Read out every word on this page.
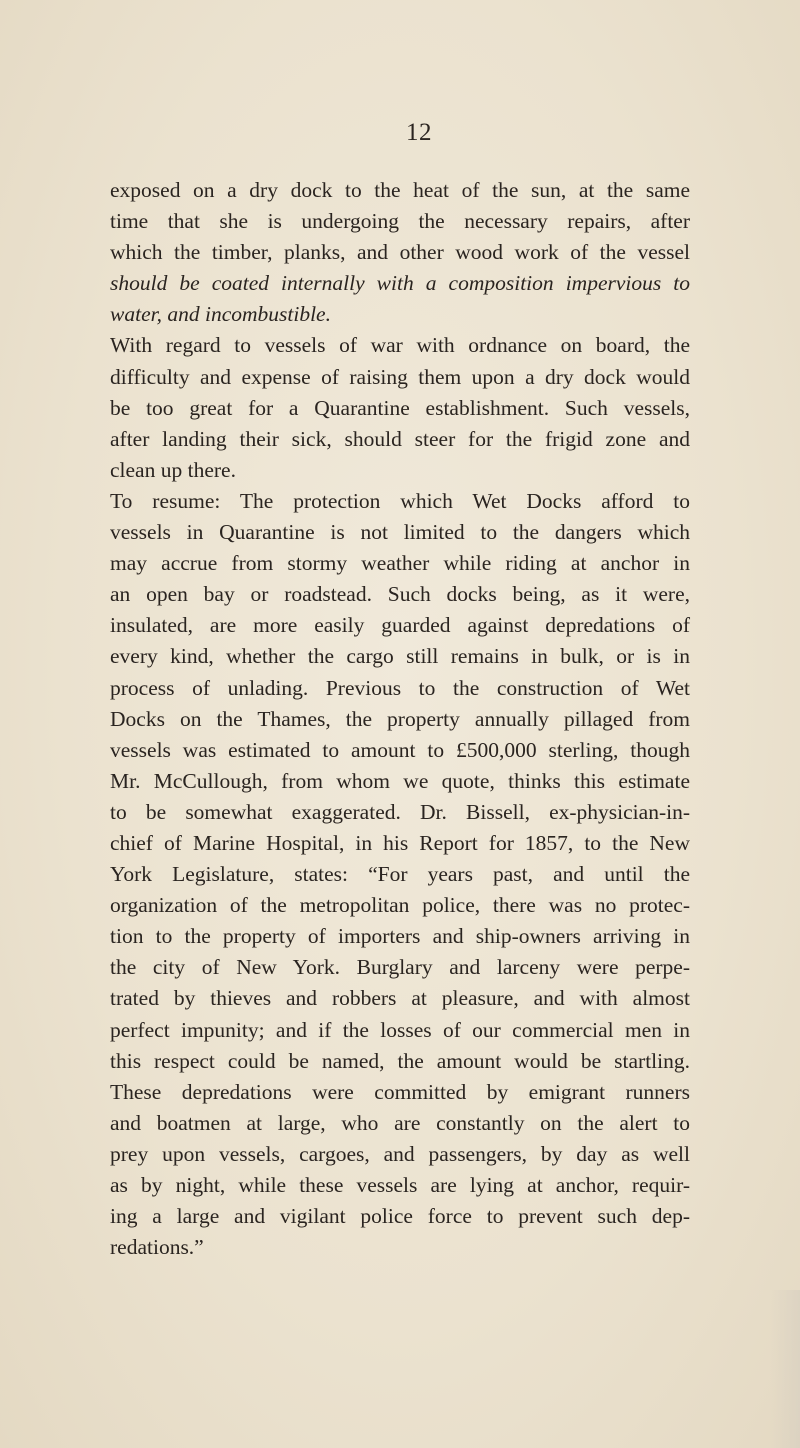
12
exposed on a dry dock to the heat of the sun, at the same
time that she is undergoing the necessary repairs, after
which the timber, planks, and other wood work of the vessel
should be coated internally with a composition impervious to
water, and incombustible.
With regard to vessels of war with ordnance on board, the
difficulty and expense of raising them upon a dry dock would
be too great for a Quarantine establishment. Such vessels,
after landing their sick, should steer for the frigid zone and
clean up there.
To resume: The protection which Wet Docks afford to
vessels in Quarantine is not limited to the dangers which
may accrue from stormy weather while riding at anchor in
an open bay or roadstead. Such docks being, as it were,
insulated, are more easily guarded against depredations of
every kind, whether the cargo still remains in bulk, or is in
process of unlading. Previous to the construction of Wet
Docks on the Thames, the property annually pillaged from
vessels was estimated to amount to £500,000 sterling, though
Mr. McCullough, from whom we quote, thinks this estimate
to be somewhat exaggerated. Dr. Bissell, ex-physician-in-
chief of Marine Hospital, in his Report for 1857, to the New
York Legislature, states: “For years past, and until the
organization of the metropolitan police, there was no protec-
tion to the property of importers and ship-owners arriving in
the city of New York. Burglary and larceny were perpe-
trated by thieves and robbers at pleasure, and with almost
perfect impunity; and if the losses of our commercial men in
this respect could be named, the amount would be startling.
These depredations were committed by emigrant runners
and boatmen at large, who are constantly on the alert to
prey upon vessels, cargoes, and passengers, by day as well
as by night, while these vessels are lying at anchor, requir-
ing a large and vigilant police force to prevent such dep-
redations.”
